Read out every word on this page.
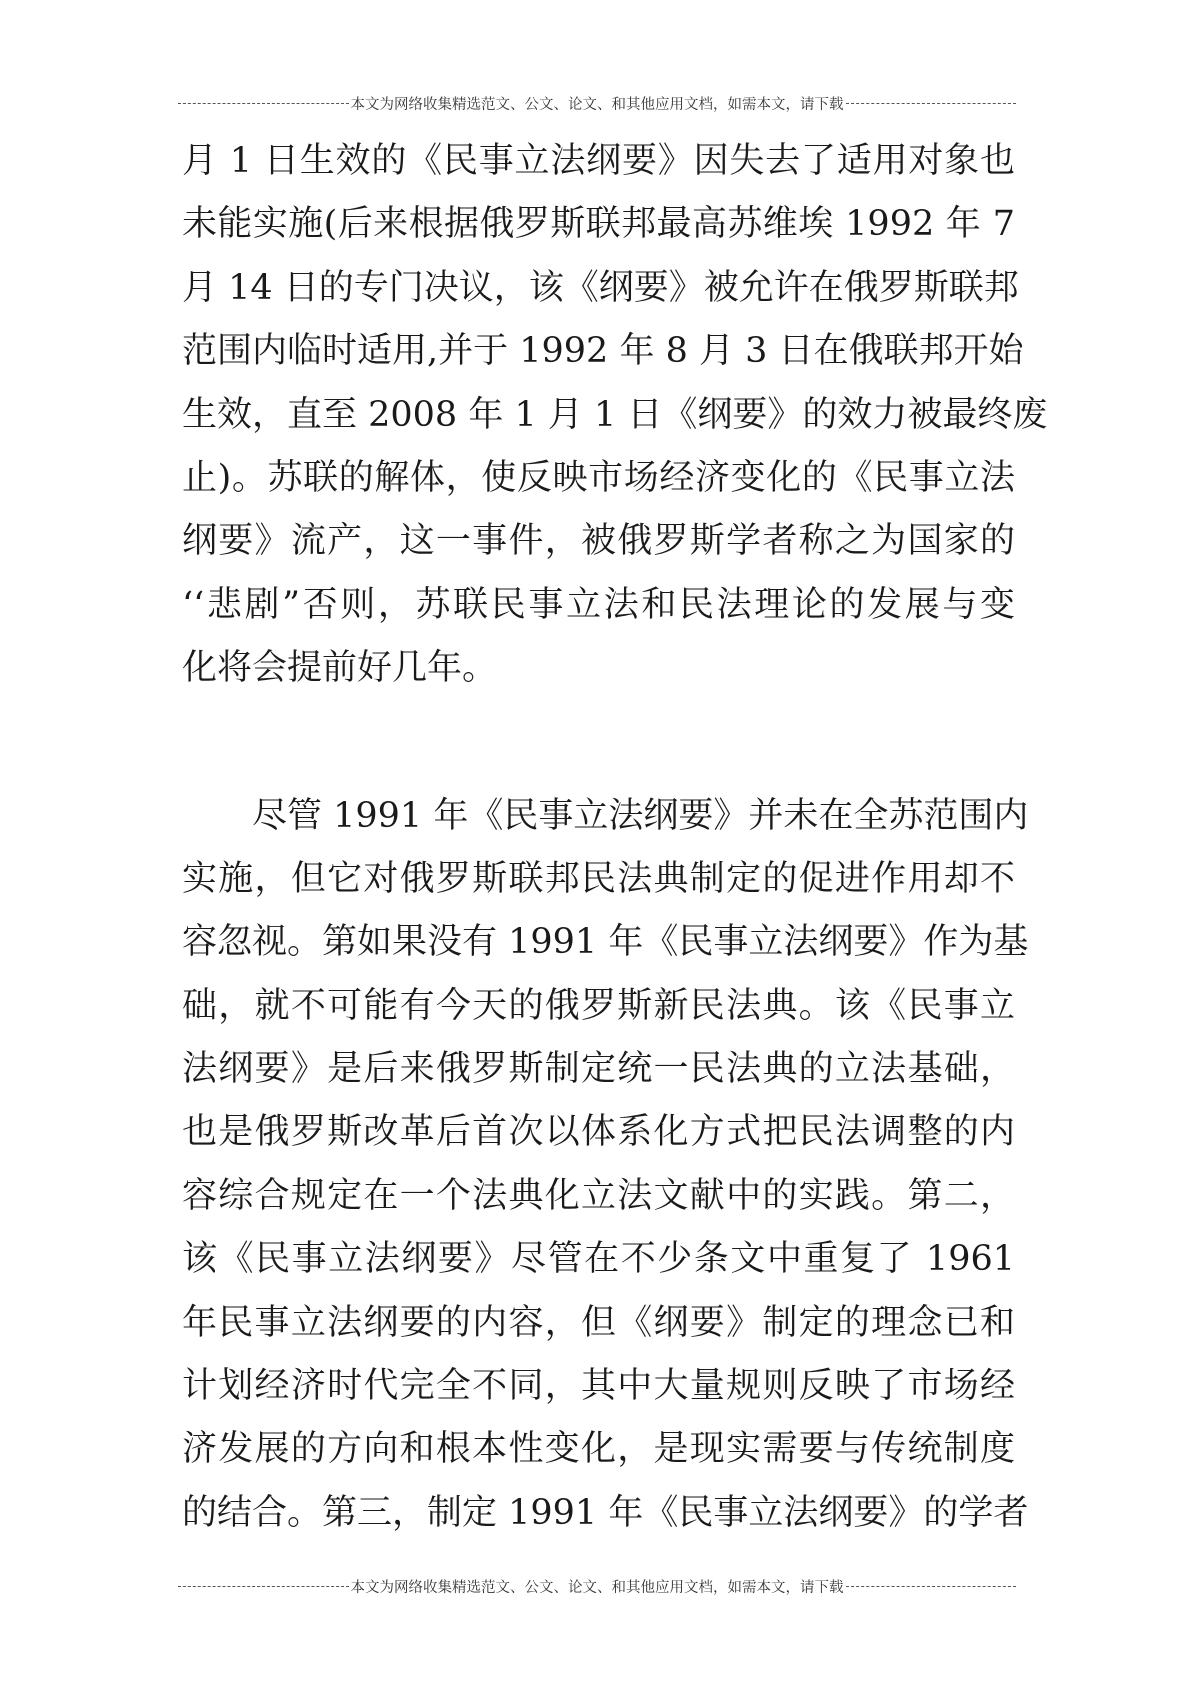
本文为网络收集精选范文、公文、论文、和其他应用文档，如需本文，请下载
月 1 日生效的《民事立法纲要》因失去了适用对象也
未能实施(后来根据俄罗斯联邦最高苏维埃 1992 年 7
月 14 日的专门决议，该《纲要》被允许在俄罗斯联邦
范围内临时适用,并于 1992 年 8 月 3 日在俄联邦开始
生效，直至 2008 年 1 月 1 日《纲要》的效力被最终废
止)。苏联的解体，使反映市场经济变化的《民事立法
纲要》流产，这一事件，被俄罗斯学者称之为国家的
‘‘悲剧”否则，苏联民事立法和民法理论的发展与变
化将会提前好几年。
尽管 1991 年《民事立法纲要》并未在全苏范围内
实施，但它对俄罗斯联邦民法典制定的促进作用却不
容忽视。第如果没有 1991 年《民事立法纲要》作为基
础，就不可能有今天的俄罗斯新民法典。该《民事立
法纲要》是后来俄罗斯制定统一民法典的立法基础，
也是俄罗斯改革后首次以体系化方式把民法调整的内
容综合规定在一个法典化立法文献中的实践。第二，
该《民事立法纲要》尽管在不少条文中重复了 1961
年民事立法纲要的内容，但《纲要》制定的理念已和
计划经济时代完全不同，其中大量规则反映了市场经
济发展的方向和根本性变化，是现实需要与传统制度
的结合。第三，制定 1991 年《民事立法纲要》的学者
本文为网络收集精选范文、公文、论文、和其他应用文档，如需本文，请下载
